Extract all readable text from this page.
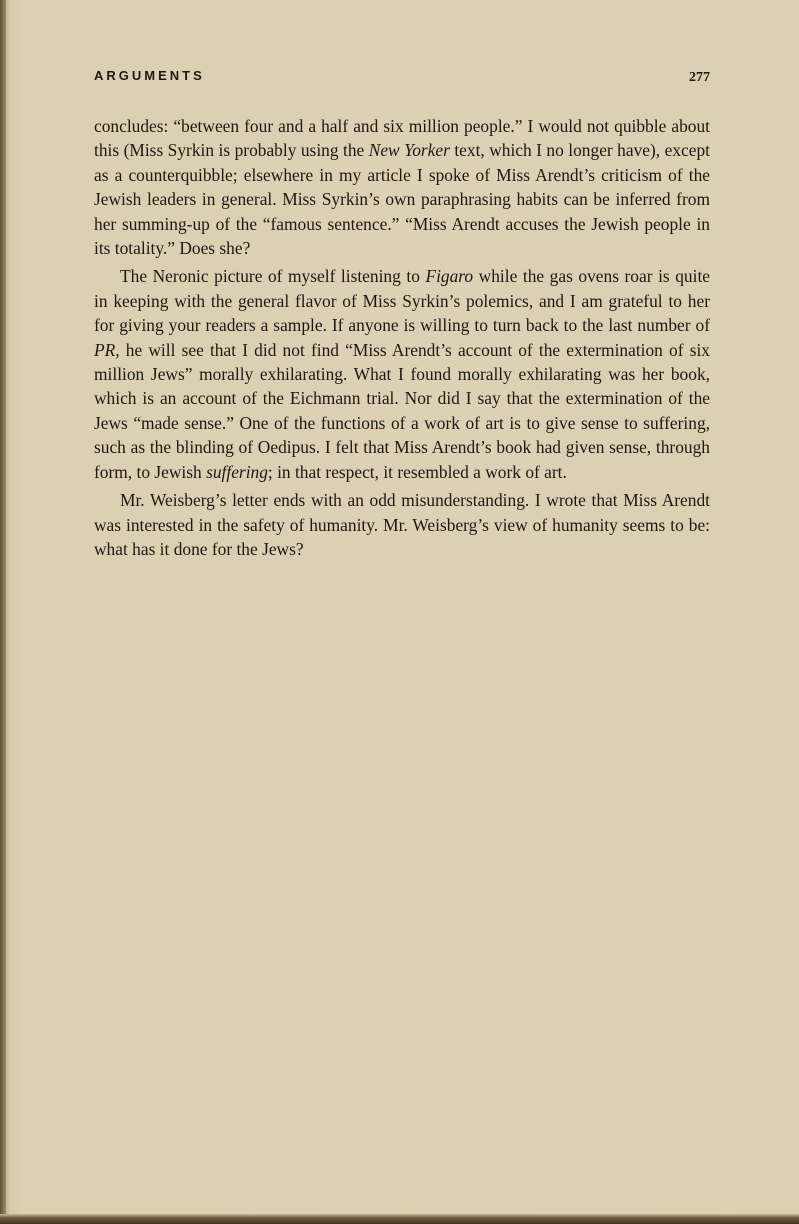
ARGUMENTS	277

concludes: “between four and a half and six million people.” I would not quibble about this (Miss Syrkin is probably using the New Yorker text, which I no longer have), except as a counterquibble; elsewhere in my article I spoke of Miss Arendt’s criticism of the Jewish leaders in general. Miss Syrkin’s own paraphrasing habits can be inferred from her summing-up of the “famous sentence.” “Miss Arendt accuses the Jewish people in its totality.” Does she?

The Neronic picture of myself listening to Figaro while the gas ovens roar is quite in keeping with the general flavor of Miss Syrkin’s polemics, and I am grateful to her for giving your readers a sample. If anyone is willing to turn back to the last number of PR, he will see that I did not find “Miss Arendt’s account of the extermination of six million Jews” morally exhilarating. What I found morally exhilarating was her book, which is an account of the Eichmann trial. Nor did I say that the extermination of the Jews “made sense.” One of the functions of a work of art is to give sense to suffering, such as the blinding of Oedipus. I felt that Miss Arendt’s book had given sense, through form, to Jewish suffering; in that respect, it resembled a work of art.

Mr. Weisberg’s letter ends with an odd misunderstanding. I wrote that Miss Arendt was interested in the safety of humanity. Mr. Weisberg’s view of humanity seems to be: what has it done for the Jews?
